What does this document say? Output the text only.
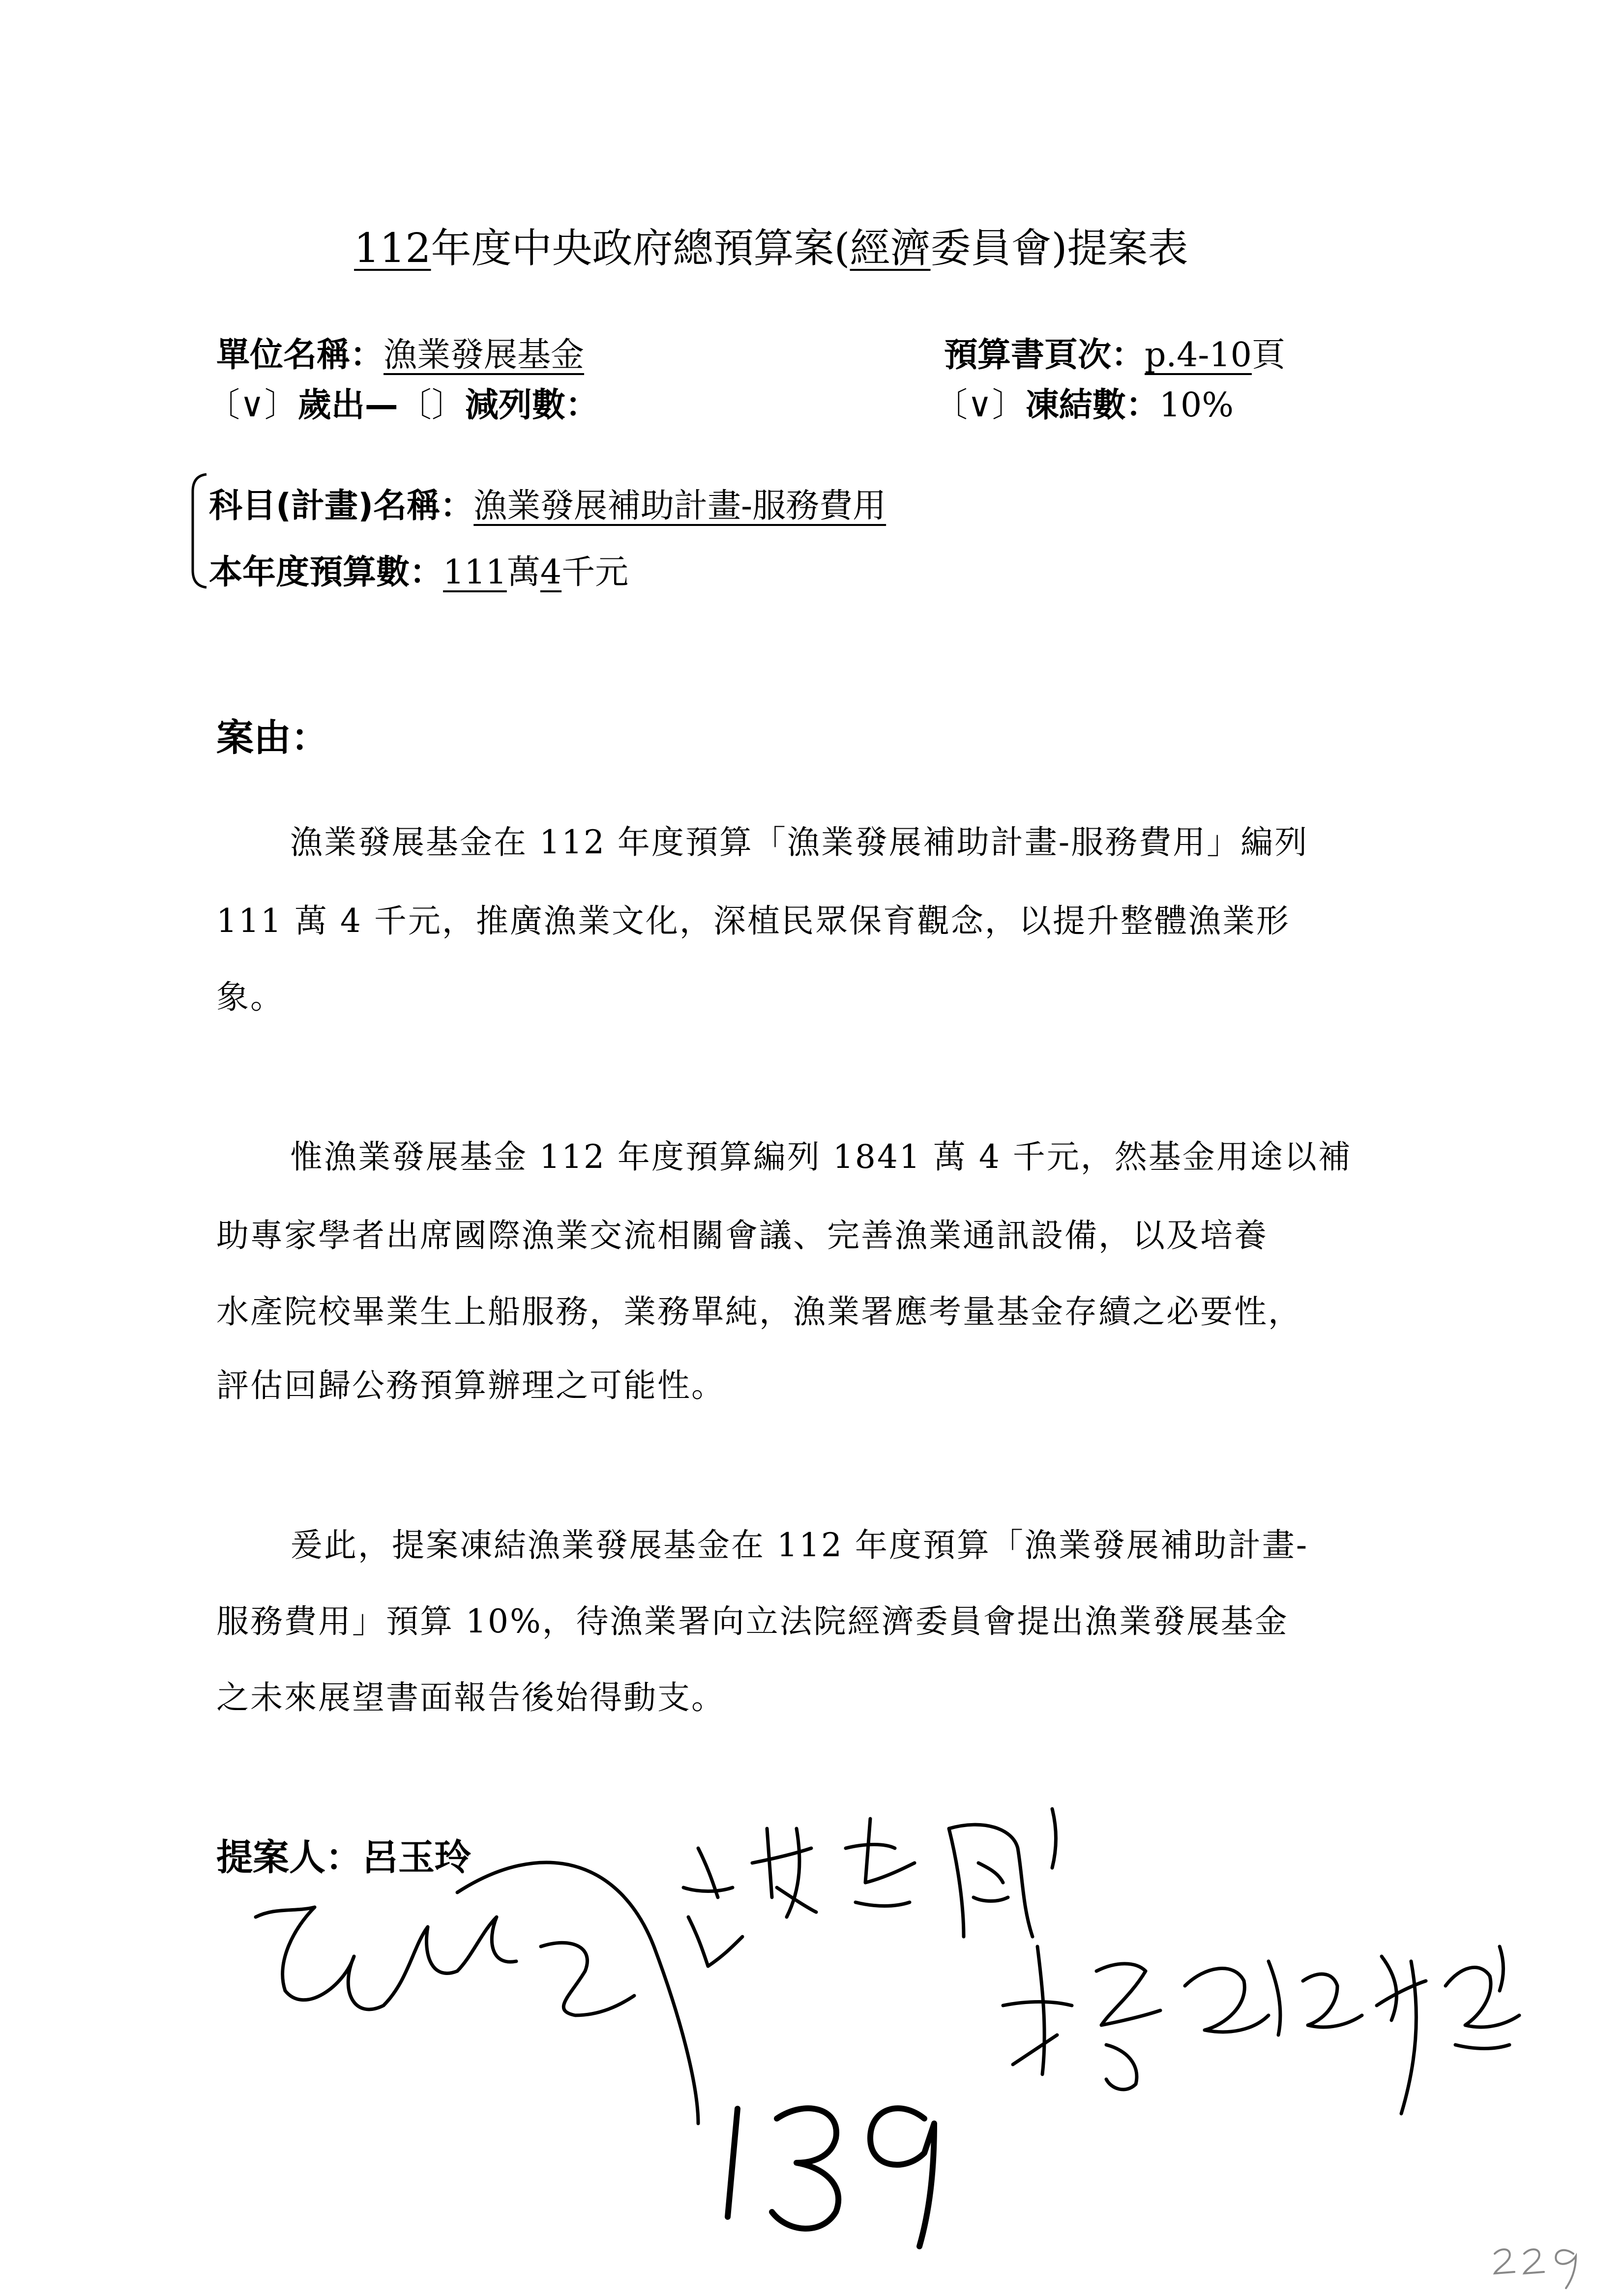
112年度中央政府總預算案(經濟委員會)提案表
單位名稱：漁業發展基金	預算書頁次：p.4-10頁
〔∨〕歲出—〔〕減列數：	〔∨〕凍結數：10%
科目(計畫)名稱：漁業發展補助計畫-服務費用
本年度預算數：111萬4千元
案由：
漁業發展基金在 112 年度預算「漁業發展補助計畫-服務費用」編列
111 萬 4 千元，推廣漁業文化，深植民眾保育觀念，以提升整體漁業形
象。
惟漁業發展基金 112 年度預算編列 1841 萬 4 千元，然基金用途以補
助專家學者出席國際漁業交流相關會議、完善漁業通訊設備，以及培養
水產院校畢業生上船服務，業務單純，漁業署應考量基金存續之必要性，
評估回歸公務預算辦理之可能性。
爰此，提案凍結漁業發展基金在 112 年度預算「漁業發展補助計畫-
服務費用」預算 10%，待漁業署向立法院經濟委員會提出漁業發展基金
之未來展望書面報告後始得動支。
提案人：呂玉玲
